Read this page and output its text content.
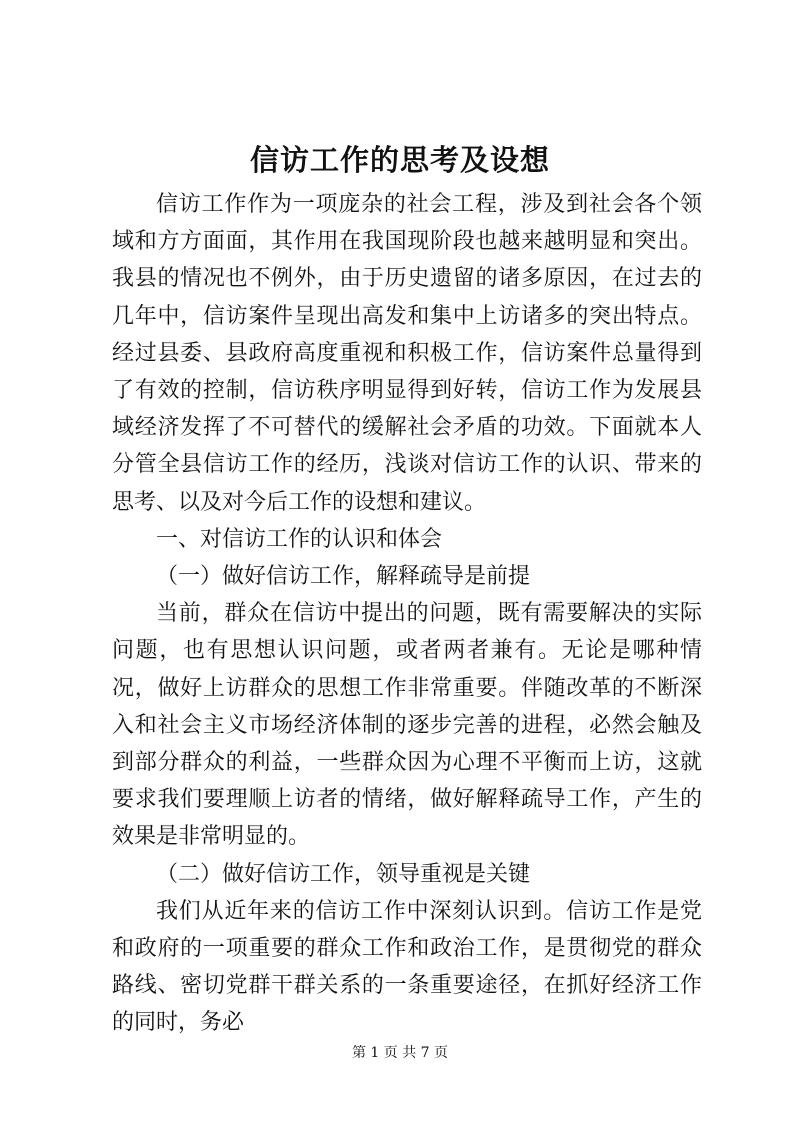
信访工作的思考及设想

信访工作作为一项庞杂的社会工程，涉及到社会各个领域和方方面面，其作用在我国现阶段也越来越明显和突出。我县的情况也不例外，由于历史遗留的诸多原因，在过去的几年中，信访案件呈现出高发和集中上访诸多的突出特点。经过县委、县政府高度重视和积极工作，信访案件总量得到了有效的控制，信访秩序明显得到好转，信访工作为发展县域经济发挥了不可替代的缓解社会矛盾的功效。下面就本人分管全县信访工作的经历，浅谈对信访工作的认识、带来的思考、以及对今后工作的设想和建议。

一、对信访工作的认识和体会

（一）做好信访工作，解释疏导是前提

当前，群众在信访中提出的问题，既有需要解决的实际问题，也有思想认识问题，或者两者兼有。无论是哪种情况，做好上访群众的思想工作非常重要。伴随改革的不断深入和社会主义市场经济体制的逐步完善的进程，必然会触及到部分群众的利益，一些群众因为心理不平衡而上访，这就要求我们要理顺上访者的情绪，做好解释疏导工作，产生的效果是非常明显的。

（二）做好信访工作，领导重视是关键

我们从近年来的信访工作中深刻认识到。信访工作是党和政府的一项重要的群众工作和政治工作，是贯彻党的群众路线、密切党群干群关系的一条重要途径，在抓好经济工作的同时，务必

第 1 页 共 7 页
